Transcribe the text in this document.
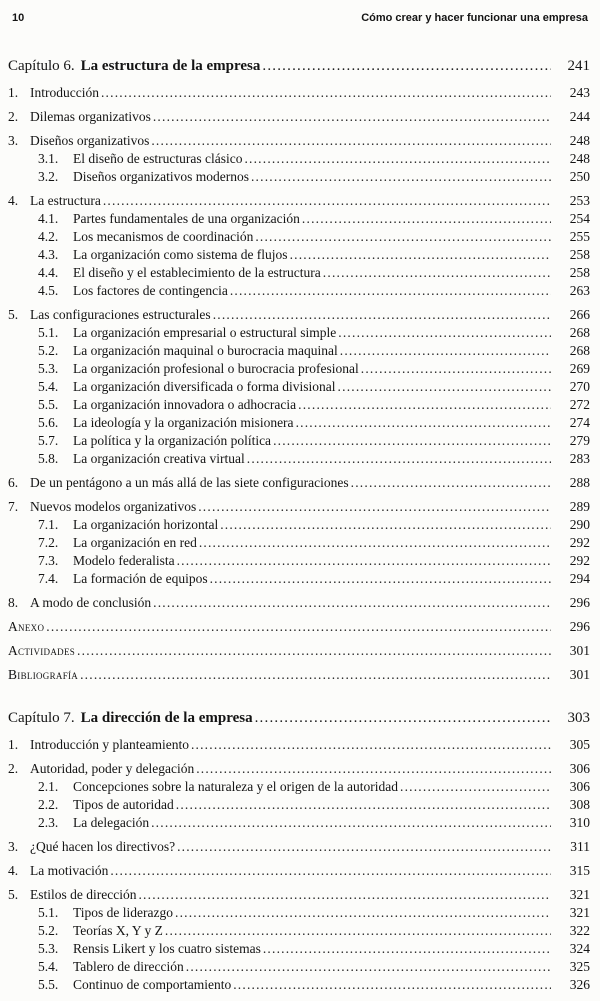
10	Cómo crear y hacer funcionar una empresa
Capítulo 6. La estructura de la empresa .....	241
1. Introducción .....	243
2. Dilemas organizativos .....	244
3. Diseños organizativos .....	248
3.1.	El diseño de estructuras clásico .....	248
3.2.	Diseños organizativos modernos .....	250
4. La estructura .....	253
4.1.	Partes fundamentales de una organización .....	254
4.2.	Los mecanismos de coordinación .....	255
4.3.	La organización como sistema de flujos .....	258
4.4.	El diseño y el establecimiento de la estructura .....	258
4.5.	Los factores de contingencia .....	263
5. Las configuraciones estructurales .....	266
5.1.	La organización empresarial o estructural simple .....	268
5.2.	La organización maquinal o burocracia maquinal .....	268
5.3.	La organización profesional o burocracia profesional .....	269
5.4.	La organización diversificada o forma divisional .....	270
5.5.	La organización innovadora o adhocracia .....	272
5.6.	La ideología y la organización misionera .....	274
5.7.	La política y la organización política .....	279
5.8.	La organización creativa virtual .....	283
6. De un pentágono a un más allá de las siete configuraciones .....	288
7. Nuevos modelos organizativos .....	289
7.1.	La organización horizontal .....	290
7.2.	La organización en red .....	292
7.3.	Modelo federalista .....	292
7.4.	La formación de equipos .....	294
8. A modo de conclusión .....	296
Anexo .....	296
Actividades .....	301
Bibliografía .....	301
Capítulo 7. La dirección de la empresa .....	303
1. Introducción y planteamiento .....	305
2. Autoridad, poder y delegación .....	306
2.1.	Concepciones sobre la naturaleza y el origen de la autoridad .....	306
2.2.	Tipos de autoridad .....	308
2.3.	La delegación .....	310
3. ¿Qué hacen los directivos? .....	311
4. La motivación .....	315
5. Estilos de dirección .....	321
5.1.	Tipos de liderazgo .....	321
5.2.	Teorías X, Y y Z .....	322
5.3.	Rensis Likert y los cuatro sistemas .....	324
5.4.	Tablero de dirección .....	325
5.5.	Continuo de comportamiento .....	326
